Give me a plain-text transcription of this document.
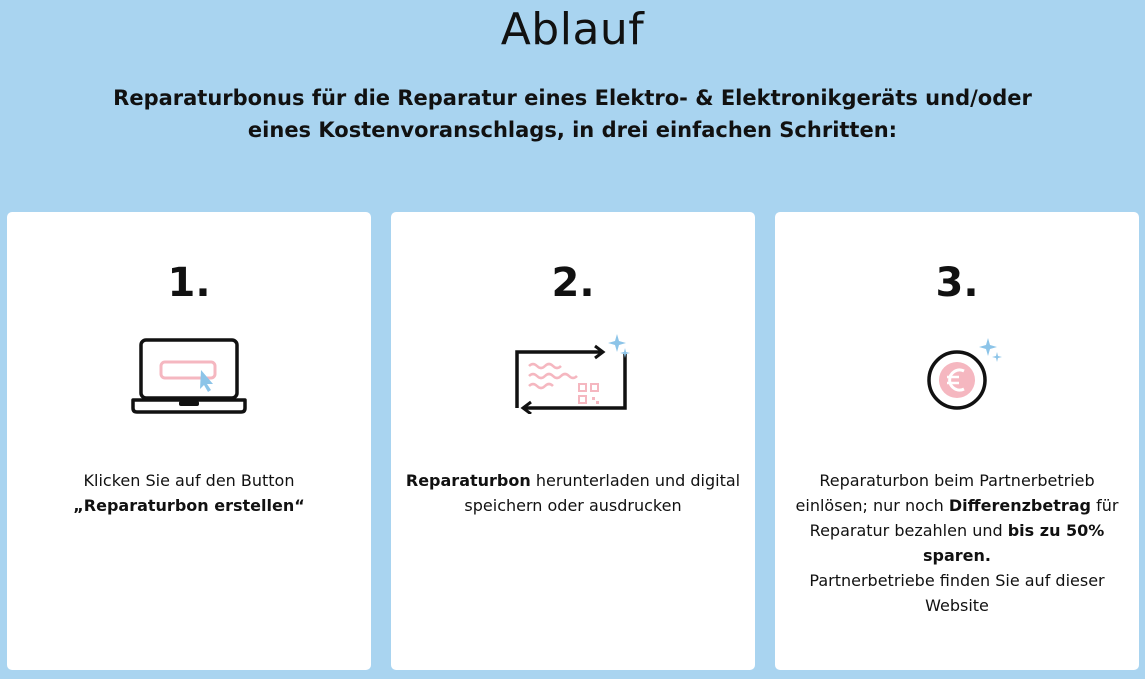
Ablauf
Reparaturbonus für die Reparatur eines Elektro- & Elektronikgeräts und/oder
eines Kostenvoranschlags, in drei einfachen Schritten:
1.
Klicken Sie auf den Button
„Reparaturbon erstellen“
2.
Reparaturbon herunterladen und digital
speichern oder ausdrucken
3.
Reparaturbon beim Partnerbetrieb
einlösen; nur noch Differenzbetrag für
Reparatur bezahlen und bis zu 50%
sparen.
Partnerbetriebe finden Sie auf dieser
Website
